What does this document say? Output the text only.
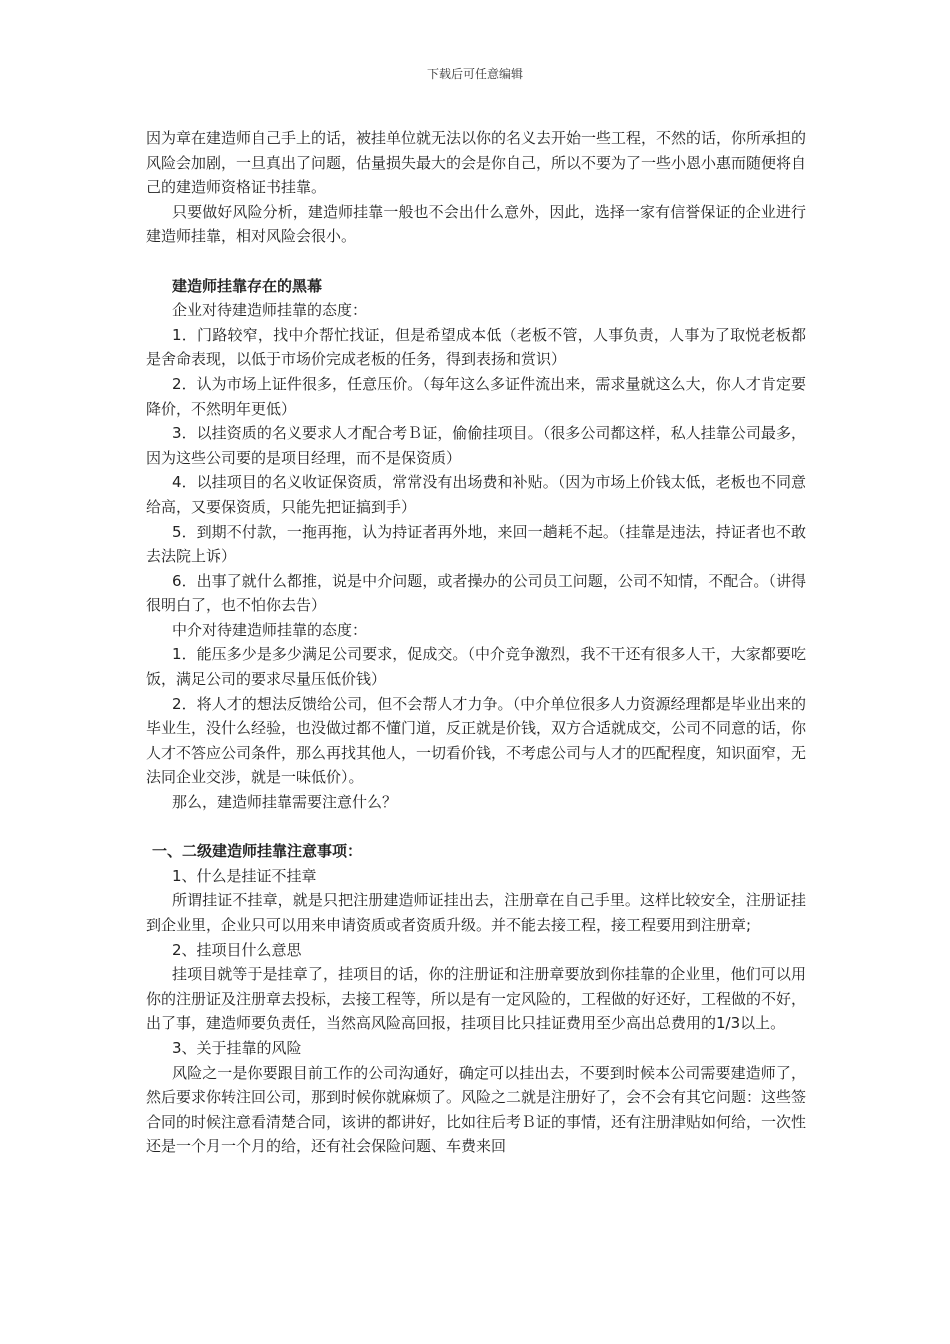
下载后可任意编辑

因为章在建造师自己手上的话，被挂单位就无法以你的名义去开始一些工程，不然的话，你所承担的风险会加剧，一旦真出了问题，估量损失最大的会是你自己，所以不要为了一些小恩小惠而随便将自己的建造师资格证书挂靠。

只要做好风险分析，建造师挂靠一般也不会出什么意外，因此，选择一家有信誉保证的企业进行建造师挂靠，相对风险会很小。

建造师挂靠存在的黑幕

企业对待建造师挂靠的态度：

1．门路较窄，找中介帮忙找证，但是希望成本低（老板不管，人事负责，人事为了取悦老板都是舍命表现，以低于市场价完成老板的任务，得到表扬和赏识）

2．认为市场上证件很多，任意压价。（每年这么多证件流出来，需求量就这么大，你人才肯定要降价，不然明年更低）

3．以挂资质的名义要求人才配合考Ｂ证，偷偷挂项目。（很多公司都这样，私人挂靠公司最多，因为这些公司要的是项目经理，而不是保资质）

4．以挂项目的名义收证保资质，常常没有出场费和补贴。（因为市场上价钱太低，老板也不同意给高，又要保资质，只能先把证搞到手）

5．到期不付款，一拖再拖，认为持证者再外地，来回一趟耗不起。（挂靠是违法，持证者也不敢去法院上诉）

6．出事了就什么都推，说是中介问题，或者操办的公司员工问题，公司不知情，不配合。（讲得很明白了，也不怕你去告）

中介对待建造师挂靠的态度：

1．能压多少是多少满足公司要求，促成交。（中介竞争激烈，我不干还有很多人干，大家都要吃饭，满足公司的要求尽量压低价钱）

2．将人才的想法反馈给公司，但不会帮人才力争。（中介单位很多人力资源经理都是毕业出来的毕业生，没什么经验，也没做过都不懂门道，反正就是价钱，双方合适就成交，公司不同意的话，你人才不答应公司条件，那么再找其他人，一切看价钱，不考虑公司与人才的匹配程度，知识面窄，无法同企业交涉，就是一味低价）。

那么，建造师挂靠需要注意什么？

一、二级建造师挂靠注意事项：

1、什么是挂证不挂章

所谓挂证不挂章，就是只把注册建造师证挂出去，注册章在自己手里。这样比较安全，注册证挂到企业里，企业只可以用来申请资质或者资质升级。并不能去接工程，接工程要用到注册章;

2、挂项目什么意思

挂项目就等于是挂章了，挂项目的话，你的注册证和注册章要放到你挂靠的企业里，他们可以用你的注册证及注册章去投标，去接工程等，所以是有一定风险的，工程做的好还好，工程做的不好，出了事，建造师要负责任，当然高风险高回报，挂项目比只挂证费用至少高出总费用的1/3以上。

3、关于挂靠的风险

风险之一是你要跟目前工作的公司沟通好，确定可以挂出去，不要到时候本公司需要建造师了，然后要求你转注回公司，那到时候你就麻烦了。风险之二就是注册好了，会不会有其它问题：这些签合同的时候注意看清楚合同，该讲的都讲好，比如往后考Ｂ证的事情，还有注册津贴如何给，一次性还是一个月一个月的给，还有社会保险问题、车费来回
